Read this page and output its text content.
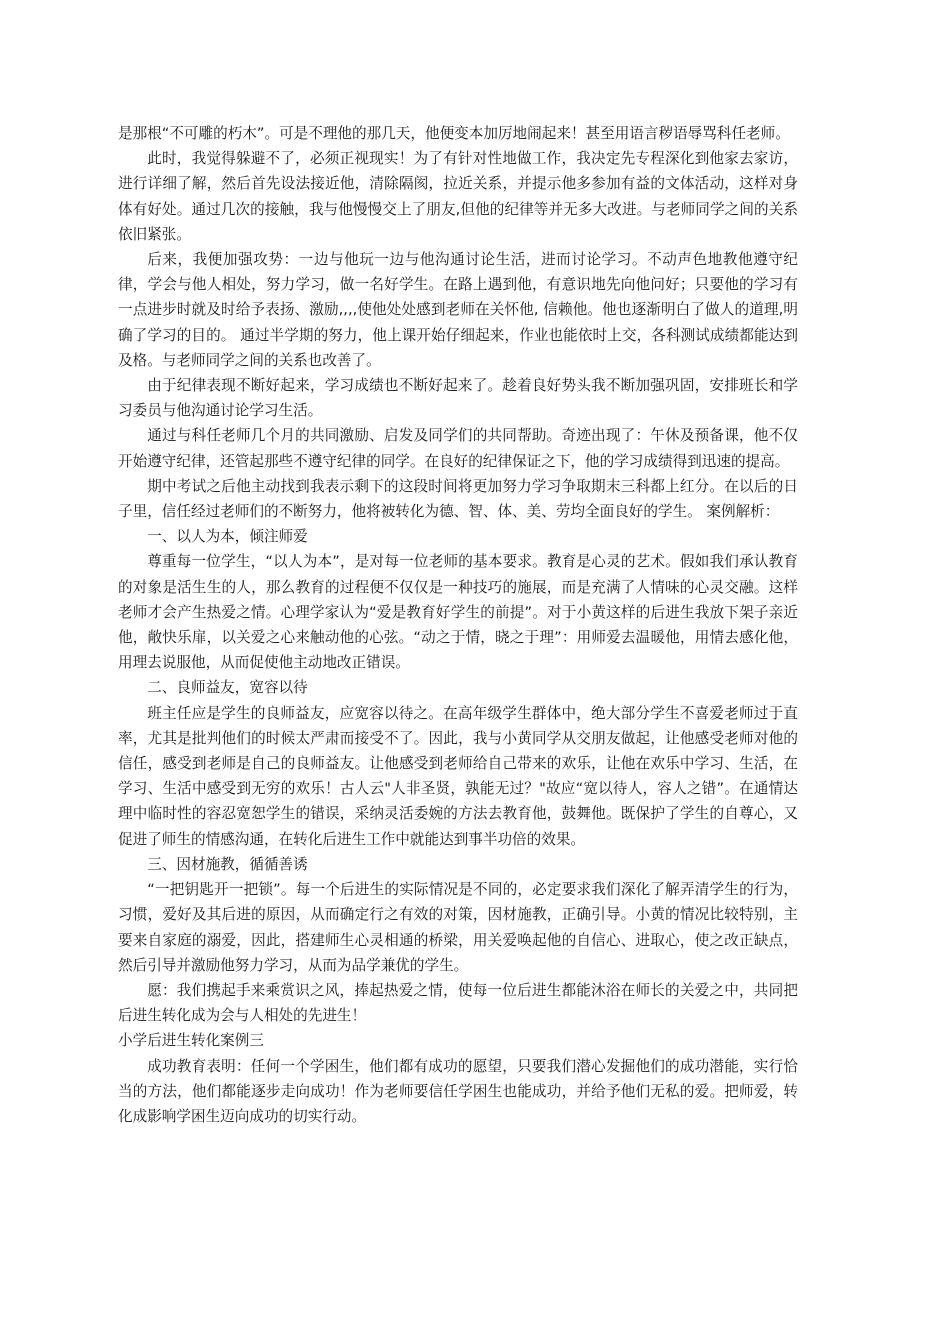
是那根“不可雕的朽木”。可是不理他的那几天，他便变本加厉地闹起来！甚至用语言秽语辱骂科任老师。

此时，我觉得躲避不了，必须正视现实！为了有针对性地做工作，我决定先专程深化到他家去家访，进行详细了解，然后首先设法接近他，清除隔阂，拉近关系，并提示他多参加有益的文体活动，这样对身体有好处。通过几次的接触，我与他慢慢交上了朋友,但他的纪律等并无多大改进。与老师同学之间的关系依旧紧张。

后来，我便加强攻势：一边与他玩一边与他沟通讨论生活，进而讨论学习。不动声色地教他遵守纪律，学会与他人相处，努力学习，做一名好学生。在路上遇到他，有意识地先向他问好；只要他的学习有一点进步时就及时给予表扬、激励,,,,使他处处感到老师在关怀他, 信赖他。他也逐渐明白了做人的道理,明确了学习的目的。 通过半学期的努力，他上课开始仔细起来，作业也能依时上交，各科测试成绩都能达到及格。与老师同学之间的关系也改善了。

由于纪律表现不断好起来，学习成绩也不断好起来了。趁着良好势头我不断加强巩固，安排班长和学习委员与他沟通讨论学习生活。

通过与科任老师几个月的共同激励、启发及同学们的共同帮助。奇迹出现了：午休及预备课，他不仅开始遵守纪律，还管起那些不遵守纪律的同学。在良好的纪律保证之下，他的学习成绩得到迅速的提高。

期中考试之后他主动找到我表示剩下的这段时间将更加努力学习争取期末三科都上红分。在以后的日子里，信任经过老师们的不断努力，他将被转化为德、智、体、美、劳均全面良好的学生。 案例解析：

一、以人为本，倾注师爱

尊重每一位学生，“以人为本”，是对每一位老师的基本要求。教育是心灵的艺术。假如我们承认教育的对象是活生生的人，那么教育的过程便不仅仅是一种技巧的施展，而是充满了人情味的心灵交融。这样老师才会产生热爱之情。心理学家认为“爱是教育好学生的前提”。对于小黄这样的后进生我放下架子亲近他，敞快乐扉，以关爱之心来触动他的心弦。“动之于情，晓之于理”：用师爱去温暖他，用情去感化他，用理去说服他，从而促使他主动地改正错误。

二、良师益友，宽容以待

班主任应是学生的良师益友，应宽容以待之。在高年级学生群体中，绝大部分学生不喜爱老师过于直率，尤其是批判他们的时候太严肃而接受不了。因此，我与小黄同学从交朋友做起，让他感受老师对他的信任，感受到老师是自己的良师益友。让他感受到老师给自己带来的欢乐，让他在欢乐中学习、生活，在学习、生活中感受到无穷的欢乐！古人云"人非圣贤，孰能无过？"故应“宽以待人，容人之错”。在通情达理中临时性的容忍宽恕学生的错误，采纳灵活委婉的方法去教育他，鼓舞他。既保护了学生的自尊心，又促进了师生的情感沟通，在转化后进生工作中就能达到事半功倍的效果。

三、因材施教，循循善诱

“一把钥匙开一把锁”。每一个后进生的实际情况是不同的，必定要求我们深化了解弄清学生的行为，习惯，爱好及其后进的原因，从而确定行之有效的对策，因材施教，正确引导。小黄的情况比较特别，主要来自家庭的溺爱，因此，搭建师生心灵相通的桥梁，用关爱唤起他的自信心、进取心，使之改正缺点，然后引导并激励他努力学习，从而为品学兼优的学生。

愿：我们携起手来乘赏识之风，捧起热爱之情，使每一位后进生都能沐浴在师长的关爱之中，共同把后进生转化成为会与人相处的先进生！

小学后进生转化案例三

成功教育表明：任何一个学困生，他们都有成功的愿望，只要我们潜心发掘他们的成功潜能，实行恰当的方法，他们都能逐步走向成功！作为老师要信任学困生也能成功，并给予他们无私的爱。把师爱，转化成影响学困生迈向成功的切实行动。
